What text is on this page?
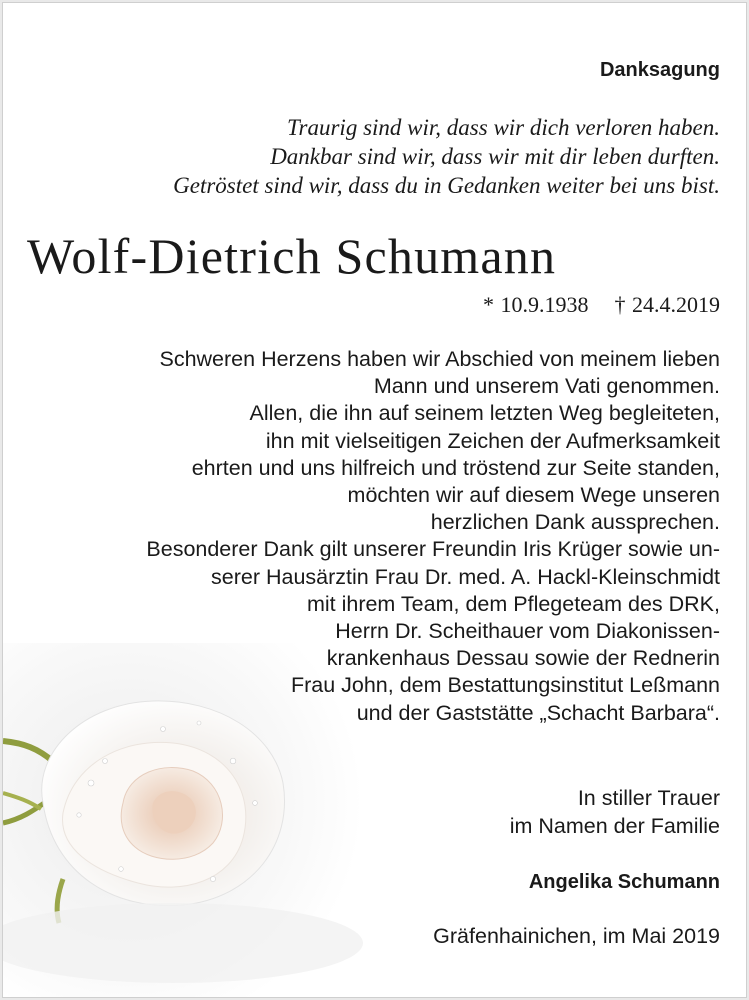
Danksagung
Traurig sind wir, dass wir dich verloren haben.
Dankbar sind wir, dass wir mit dir leben durften.
Getröstet sind wir, dass du in Gedanken weiter bei uns bist.
Wolf-Dietrich Schumann
* 10.9.1938 † 24.4.2019
Schweren Herzens haben wir Abschied von meinem lieben
Mann und unserem Vati genommen.
Allen, die ihn auf seinem letzten Weg begleiteten,
ihn mit vielseitigen Zeichen der Aufmerksamkeit
ehrten und uns hilfreich und tröstend zur Seite standen,
möchten wir auf diesem Wege unseren
herzlichen Dank aussprechen.
Besonderer Dank gilt unserer Freundin Iris Krüger sowie un-
serer Hausärztin Frau Dr. med. A. Hackl-Kleinschmidt
mit ihrem Team, dem Pflegeteam des DRK,
Herrn Dr. Scheithauer vom Diakonissen-
krankenhaus Dessau sowie der Rednerin
Frau John, dem Bestattungsinstitut Leßmann
und der Gaststätte „Schacht Barbara“.
In stiller Trauer
im Namen der Familie
Angelika Schumann
Gräfenhainichen, im Mai 2019
